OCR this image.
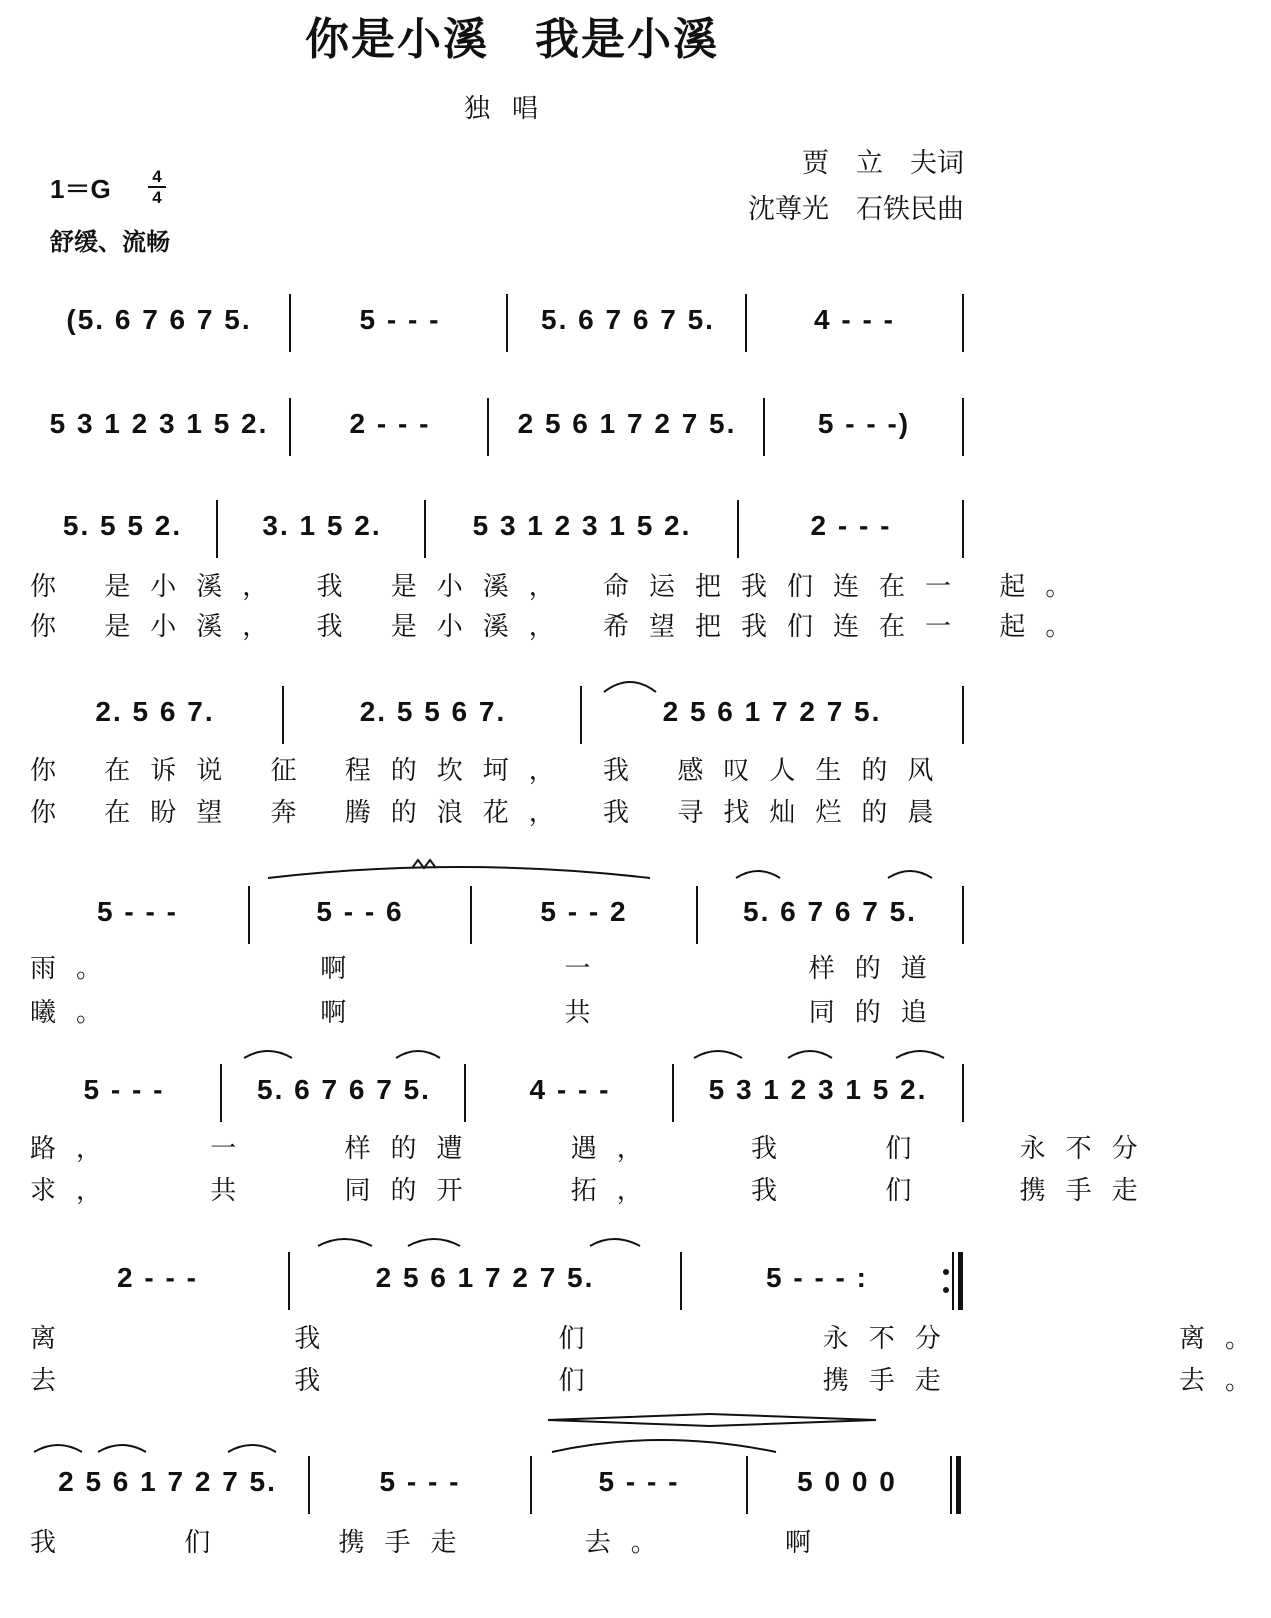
你是小溪　我是小溪
独唱
1＝G 4
4
舒缓、流畅
贾　立　夫词
沈尊光　石铁民曲
(5. 6 7 6 7 5.	5 - - -	5. 6 7 6 7 5.	4 - - -
5 3 1 2 3 1 5 2.	2 - - -	2 5 6 1 7 2 7 5.	5 - - -)
5. 5 5 2.	3. 1 5 2.	5 3 1 2 3 1 5 2.	2 - - -
你 是小溪， 我 是小溪， 命运把我们连在一 起。
你 是小溪， 我 是小溪， 希望把我们连在一 起。
2. 5 6 7.	2. 5 5 6 7.	2 5 6 1 7 2 7 5.
你 在诉说 征 程的坎坷， 我 感叹人生的风
你 在盼望 奔 腾的浪花， 我 寻找灿烂的晨
5 - - -	5 - - 6	5 - - 2	5. 6 7 6 7 5.
雨。 啊 一 样的道
曦。 啊 共 同的追
5 - - -	5. 6 7 6 7 5.	4 - - -	5 3 1 2 3 1 5 2.
路， 一 样的遭 遇， 我 们 永不分
求， 共 同的开 拓， 我 们 携手走
2 - - -	2 5 6 1 7 2 7 5.	5 - - - :
离 我 们 永不分 离。
去 我 们 携手走 去。
2 5 6 1 7 2 7 5.	5 - - -	5 - - -	5 0 0 0
我 们 携手走 去。 啊
